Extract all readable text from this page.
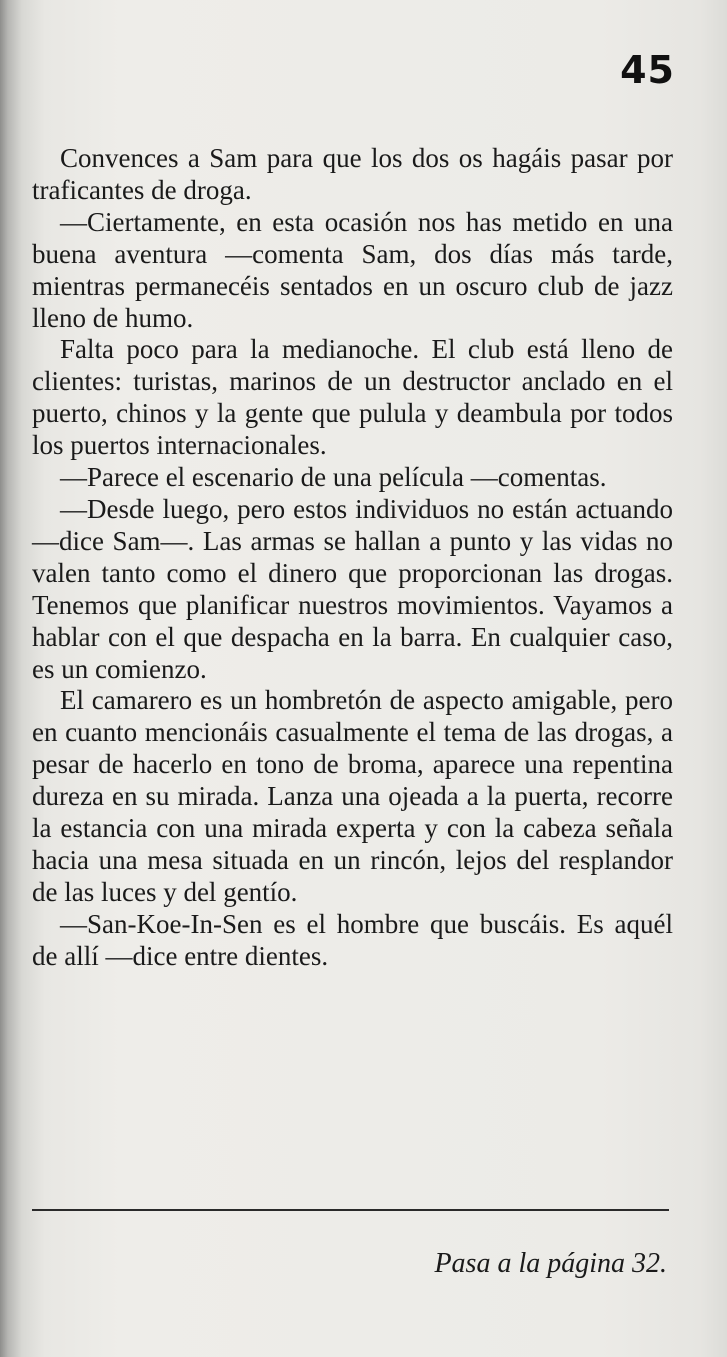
45

Convences a Sam para que los dos os hagáis pasar por traficantes de droga.

—Ciertamente, en esta ocasión nos has metido en una buena aventura —comenta Sam, dos días más tarde, mientras permanecéis sentados en un oscuro club de jazz lleno de humo.

Falta poco para la medianoche. El club está lleno de clientes: turistas, marinos de un destructor anclado en el puerto, chinos y la gente que pulula y deambula por todos los puertos internacionales.

—Parece el escenario de una película —comentas.

—Desde luego, pero estos individuos no están actuando —dice Sam—. Las armas se hallan a punto y las vidas no valen tanto como el dinero que proporcionan las drogas. Tenemos que planificar nuestros movimientos. Vayamos a hablar con el que despacha en la barra. En cualquier caso, es un comienzo.

El camarero es un hombretón de aspecto amigable, pero en cuanto mencionáis casualmente el tema de las drogas, a pesar de hacerlo en tono de broma, aparece una repentina dureza en su mirada. Lanza una ojeada a la puerta, recorre la estancia con una mirada experta y con la cabeza señala hacia una mesa situada en un rincón, lejos del resplandor de las luces y del gentío.

—San-Koe-In-Sen es el hombre que buscáis. Es aquél de allí —dice entre dientes.

Pasa a la página 32.
